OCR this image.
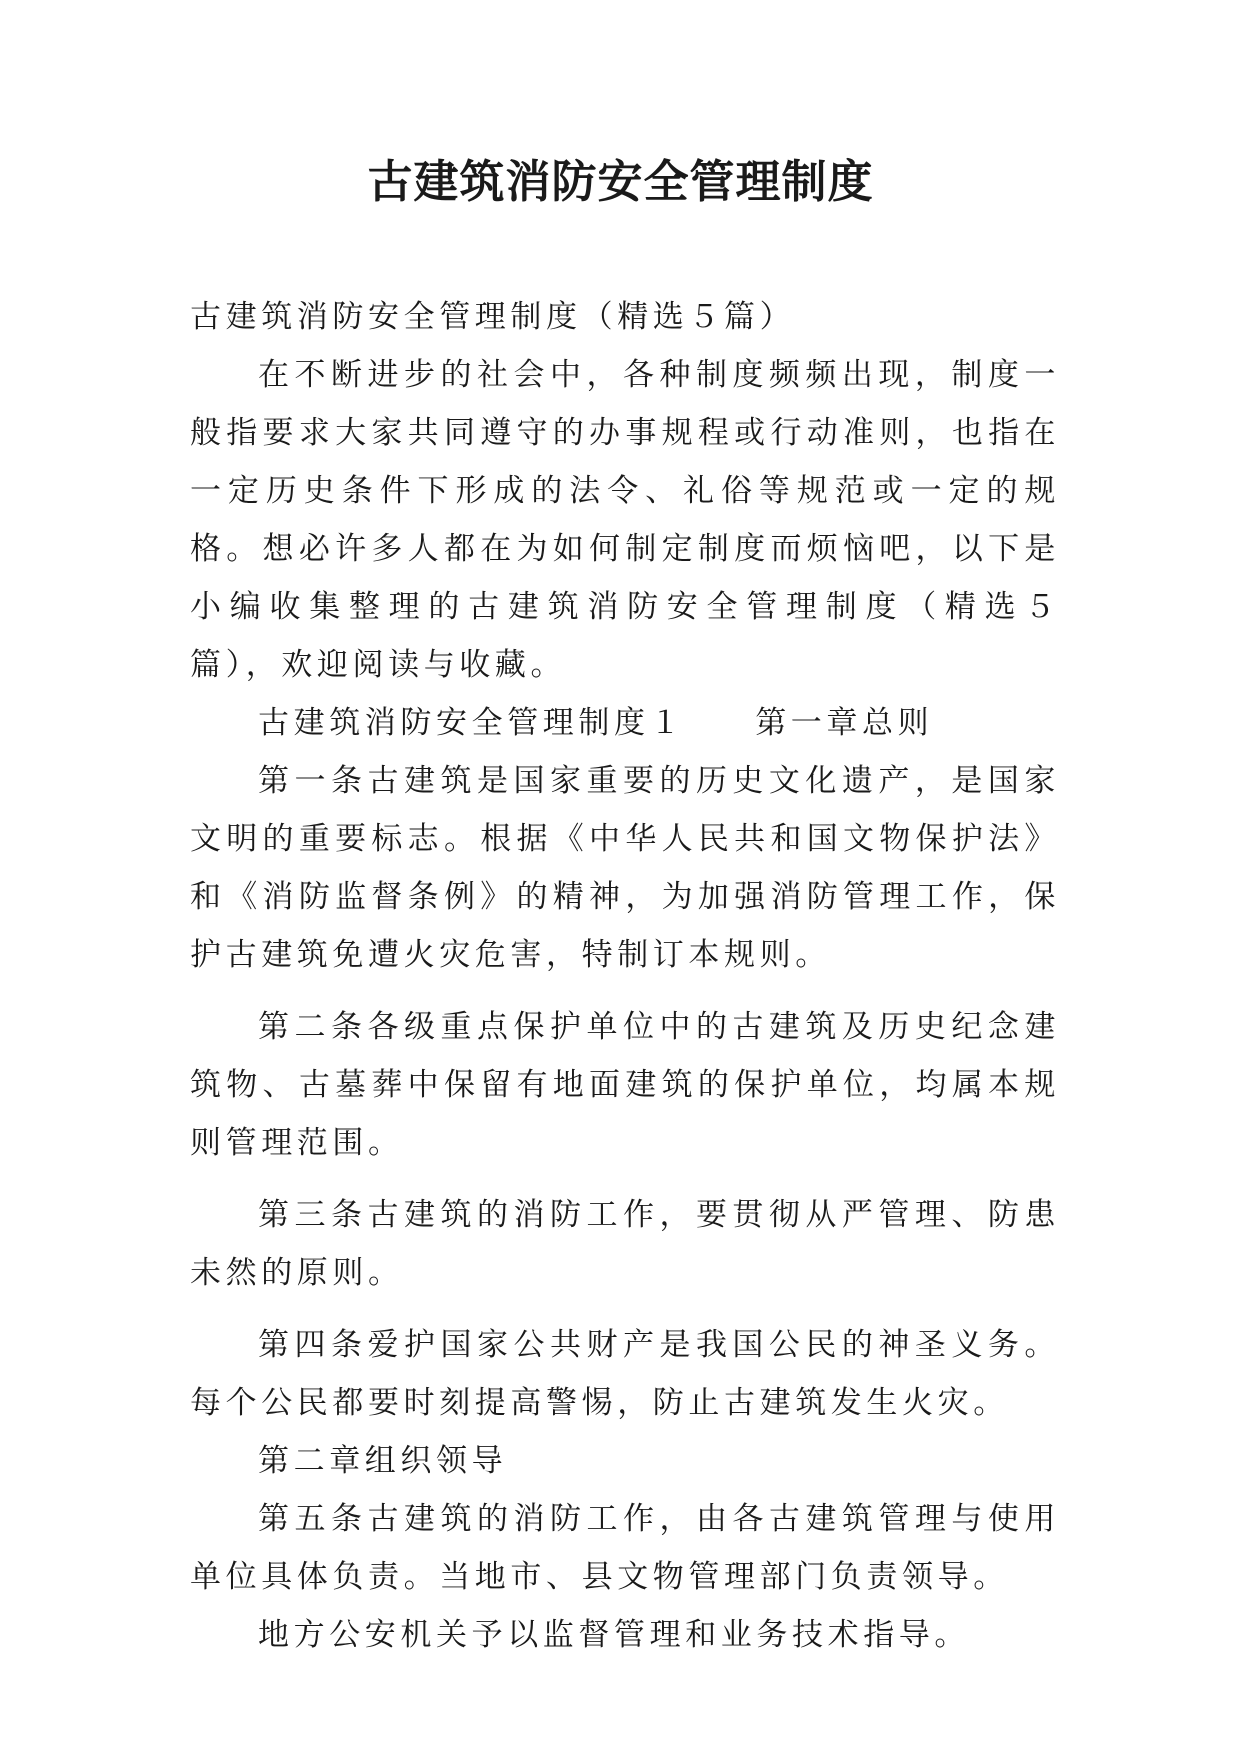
古建筑消防安全管理制度

古建筑消防安全管理制度（精选５篇）

在不断进步的社会中，各种制度频频出现，制度一般指要求大家共同遵守的办事规程或行动准则，也指在一定历史条件下形成的法令、礼俗等规范或一定的规格。想必许多人都在为如何制定制度而烦恼吧，以下是小编收集整理的古建筑消防安全管理制度（精选５篇），欢迎阅读与收藏。

古建筑消防安全管理制度１ 第一章总则

第一条古建筑是国家重要的历史文化遗产，是国家文明的重要标志。根据《中华人民共和国文物保护法》和《消防监督条例》的精神，为加强消防管理工作，保护古建筑免遭火灾危害，特制订本规则。

第二条各级重点保护单位中的古建筑及历史纪念建筑物、古墓葬中保留有地面建筑的保护单位，均属本规则管理范围。

第三条古建筑的消防工作，要贯彻从严管理、防患未然的原则。

第四条爱护国家公共财产是我国公民的神圣义务。每个公民都要时刻提高警惕，防止古建筑发生火灾。

第二章组织领导

第五条古建筑的消防工作，由各古建筑管理与使用单位具体负责。当地市、县文物管理部门负责领导。

地方公安机关予以监督管理和业务技术指导。
